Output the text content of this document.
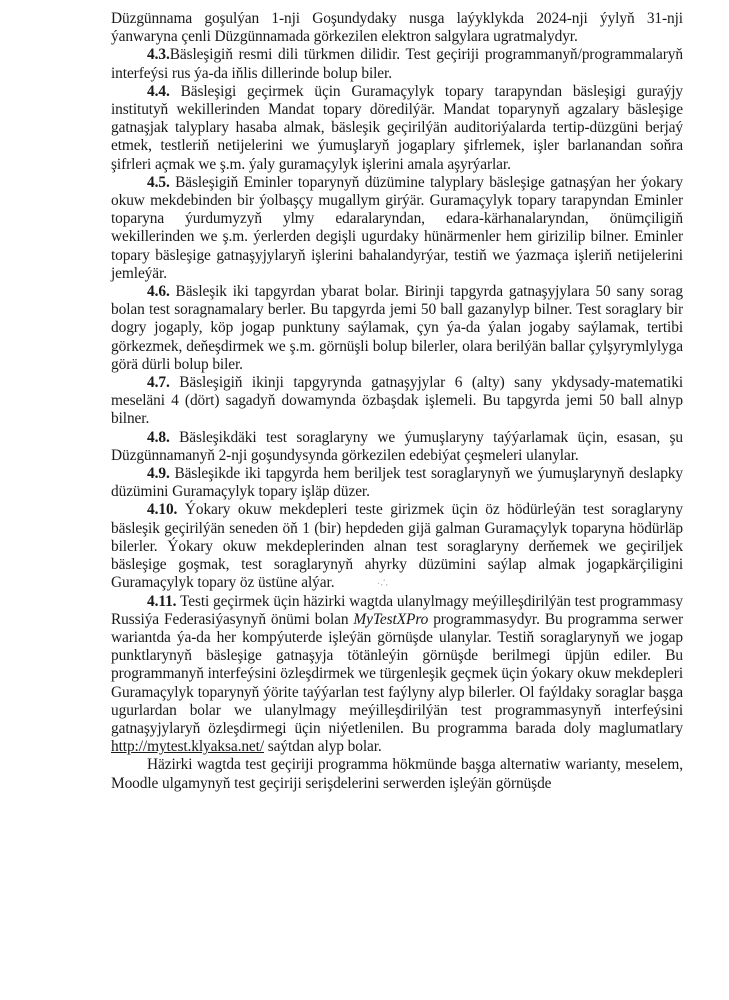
Düzgünnama goşulýan 1-nji Goşundydaky nusga laýyklykda 2024-nji ýylyň 31-nji ýanwaryna çenli Düzgünnamada görkezilen elektron salgylara ugratmalydyr.

4.3.Bäsleşigiň resmi dili türkmen dilidir. Test geçiriji programmanyň/programmalaryň interfeýsi rus ýa-da iňlis dillerinde bolup biler.

4.4. Bäsleşigi geçirmek üçin Guramaçylyk topary tarapyndan bäsleşigi guraýjy institutyň wekillerinden Mandat topary döredilýär. Mandat toparynyň agzalary bäsleşige gatnaşjak talyplary hasaba almak, bäsleşik geçirilýän auditoriýalarda tertip-düzgüni berjaý etmek, testleriň netijelerini we ýumuşlaryň jogaplary şifrlemek, işler barlanandan soňra şifrleri açmak we ş.m. ýaly guramaçylyk işlerini amala aşyrýarlar.

4.5. Bäsleşigiň Eminler toparynyň düzümine talyplary bäsleşige gatnaşýan her ýokary okuw mekdebinden bir ýolbaşçy mugallym girýär. Guramaçylyk topary tarapyndan Eminler toparyna ýurdumyzyň ylmy edaralaryndan, edara-kärhanalaryndan, önümçiligiň wekillerinden we ş.m. ýerlerden degişli ugurdaky hünärmenler hem girizilip bilner. Eminler topary bäsleşige gatnaşyjylaryň işlerini bahalandyrýar, testiň we ýazmaça işleriň netijelerini jemleýär.

4.6. Bäsleşik iki tapgyrdan ybarat bolar. Birinji tapgyrda gatnaşyjylara 50 sany sorag bolan test soragnamalary berler. Bu tapgyrda jemi 50 ball gazanylyp bilner. Test soraglary bir dogry jogaply, köp jogap punktuny saýlamak, çyn ýa-da ýalan jogaby saýlamak, tertibi görkezmek, deňeşdirmek we ş.m. görnüşli bolup bilerler, olara berilýän ballar çylşyrymlylyga görä dürli bolup biler.

4.7. Bäsleşigiň ikinji tapgyrynda gatnaşyjylar 6 (alty) sany ykdysady-matematiki meseläni 4 (dört) sagadyň dowamynda özbaşdak işlemeli. Bu tapgyrda jemi 50 ball alnyp bilner.

4.8. Bäsleşikdäki test soraglaryny we ýumuşlaryny taýýarlamak üçin, esasan, şu Düzgünnamanyň 2-nji goşundysynda görkezilen edebiýat çeşmeleri ulanylar.

4.9. Bäsleşikde iki tapgyrda hem beriljek test soraglarynyň we ýumuşlarynyň deslapky düzümini Guramaçylyk topary işläp düzer.

4.10. Ýokary okuw mekdepleri teste girizmek üçin öz hödürleýän test soraglaryny bäsleşik geçirilýän seneden öň 1 (bir) hepdeden gijä galman Guramaçylyk toparyna hödürläp bilerler. Ýokary okuw mekdeplerinden alnan test soraglaryny derňemek we geçiriljek bäsleşige goşmak, test soraglarynyň ahyrky düzümini saýlap almak jogapkärçiligini Guramaçylyk topary öz üstüne alýar.	·∴

4.11. Testi geçirmek üçin häzirki wagtda ulanylmagy meýilleşdirilýän test programmasy Russiýa Federasiýasynyň önümi bolan MyTestXPro programmasydyr. Bu programma serwer wariantda ýa-da her kompýuterde işleýän görnüşde ulanylar. Testiň soraglarynyň we jogap punktlarynyň bäsleşige gatnaşyja tötänleýin görnüşde berilmegi üpjün ediler. Bu programmanyň interfeýsini özleşdirmek we türgenleşik geçmek üçin ýokary okuw mekdepleri Guramaçylyk toparynyň ýörite taýýarlan test faýlyny alyp bilerler. Ol faýldaky soraglar başga ugurlardan bolar we ulanylmagy meýilleşdirilýän test programmasynyň interfeýsini gatnaşyjylaryň özleşdirmegi üçin niýetlenilen. Bu programma barada doly maglumatlary http://mytest.klyaksa.net/ saýtdan alyp bolar.

Häzirki wagtda test geçiriji programma hökmünde başga alternatiw warianty, meselem, Moodle ulgamynyň test geçiriji serişdelerini serwerden işleýän görnüşde
